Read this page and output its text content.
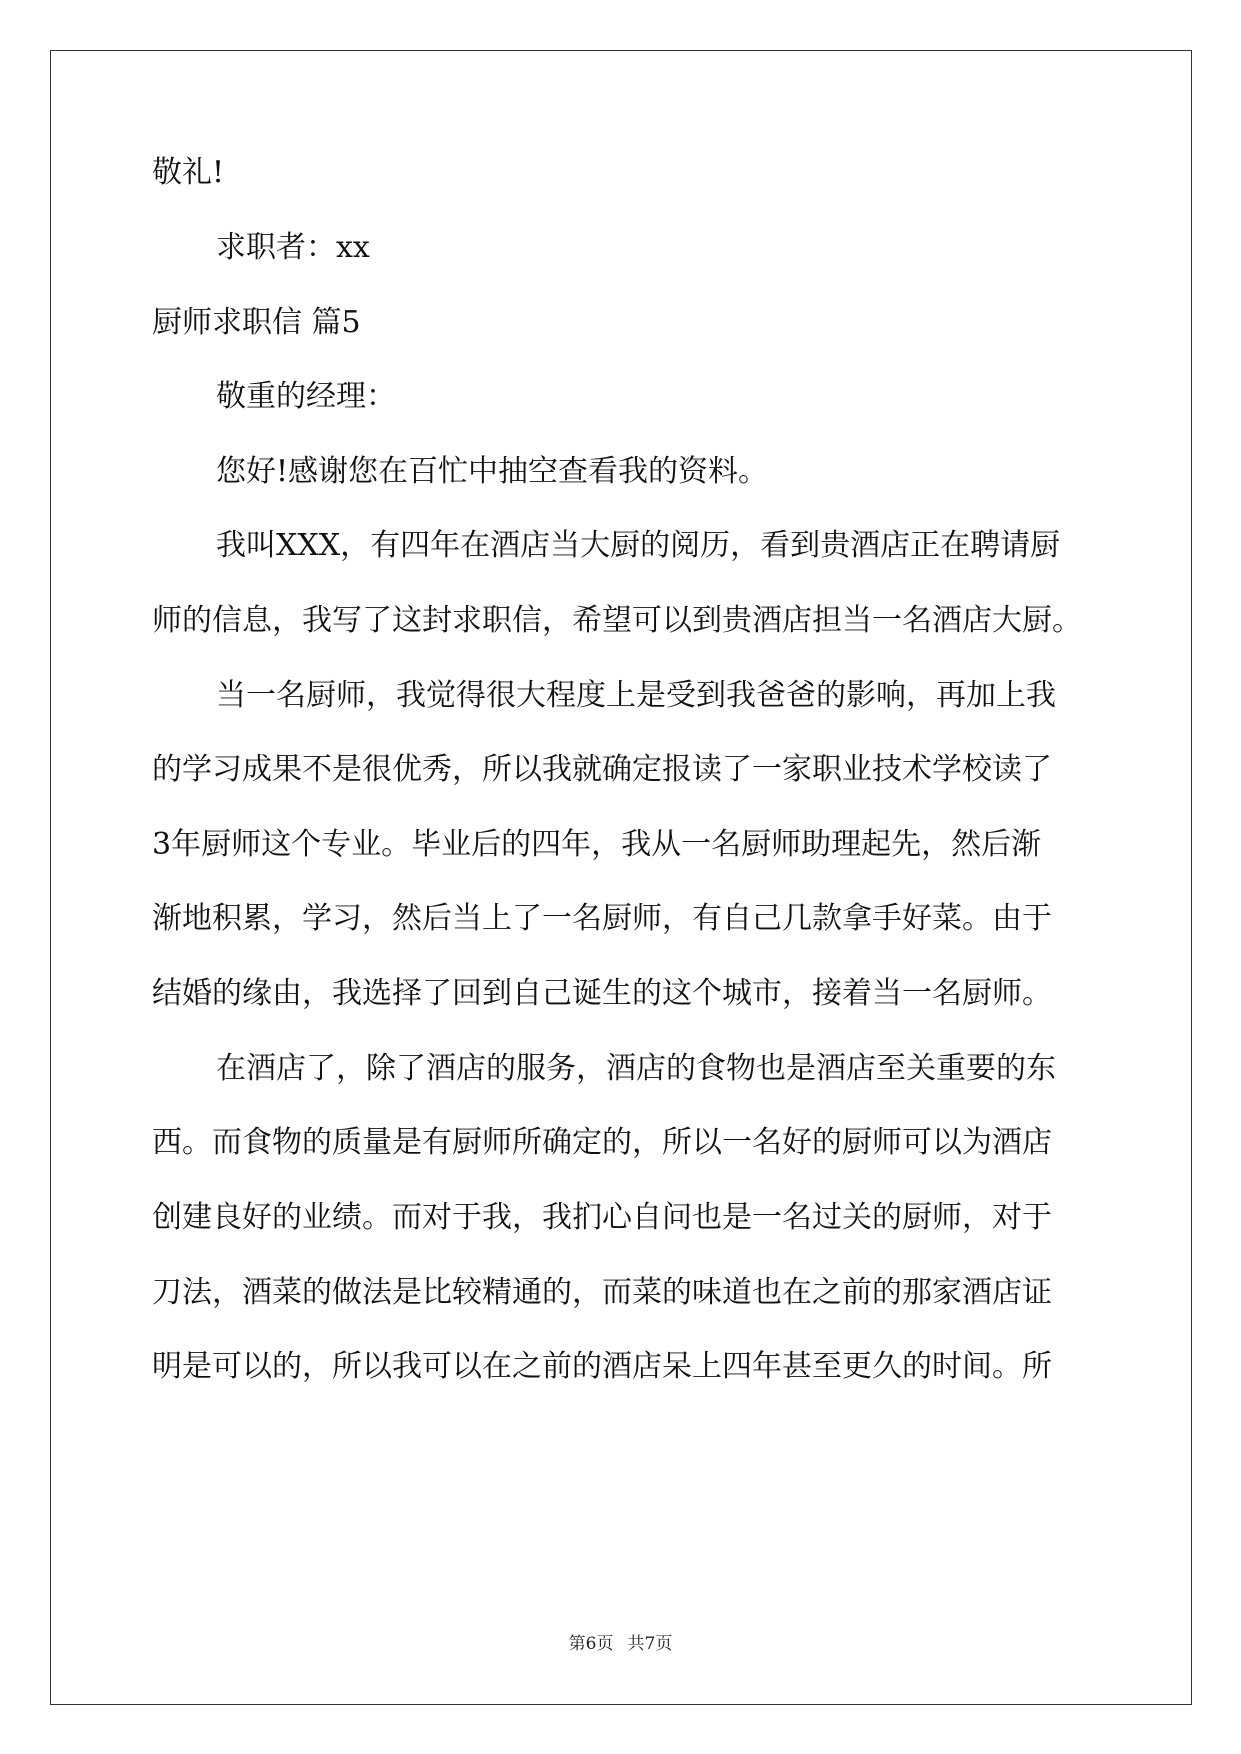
敬礼!
求职者：xx
厨师求职信 篇5
敬重的经理：
您好!感谢您在百忙中抽空查看我的资料。
我叫XXX，有四年在酒店当大厨的阅历，看到贵酒店正在聘请厨
师的信息，我写了这封求职信，希望可以到贵酒店担当一名酒店大厨。
当一名厨师，我觉得很大程度上是受到我爸爸的影响，再加上我
的学习成果不是很优秀，所以我就确定报读了一家职业技术学校读了
3年厨师这个专业。毕业后的四年，我从一名厨师助理起先，然后渐
渐地积累，学习，然后当上了一名厨师，有自己几款拿手好菜。由于
结婚的缘由，我选择了回到自己诞生的这个城市，接着当一名厨师。
在酒店了，除了酒店的服务，酒店的食物也是酒店至关重要的东
西。而食物的质量是有厨师所确定的，所以一名好的厨师可以为酒店
创建良好的业绩。而对于我，我扪心自问也是一名过关的厨师，对于
刀法，酒菜的做法是比较精通的，而菜的味道也在之前的那家酒店证
明是可以的，所以我可以在之前的酒店呆上四年甚至更久的时间。所
第6页 共7页
